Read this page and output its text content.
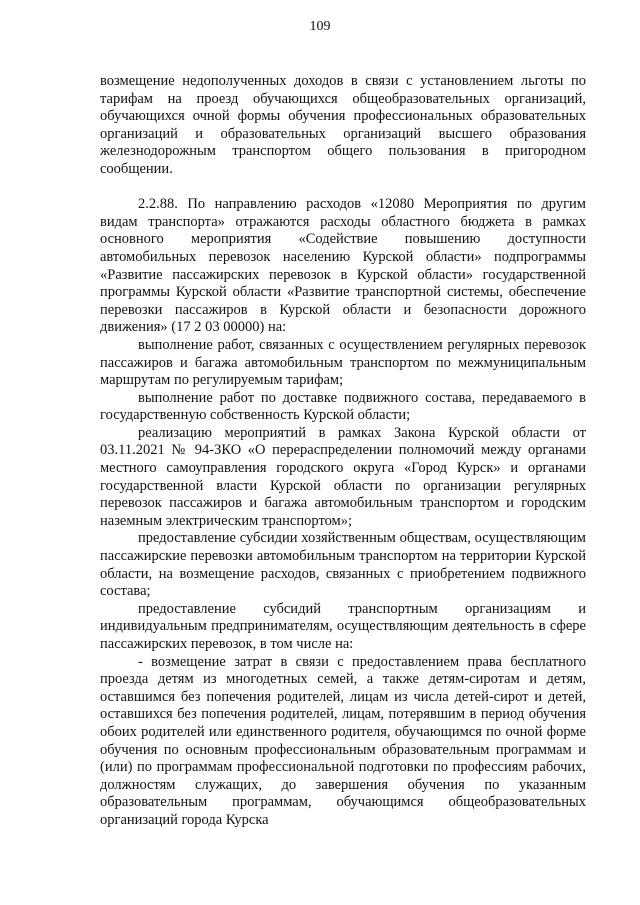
109

возмещение недополученных доходов в связи с установлением льготы по тарифам на проезд обучающихся общеобразовательных организаций, обучающихся очной формы обучения профессиональных образовательных организаций и образовательных организаций высшего образования железнодорожным транспортом общего пользования в пригородном сообщении.

2.2.88. По направлению расходов «12080 Мероприятия по другим видам транспорта» отражаются расходы областного бюджета в рамках основного мероприятия «Содействие повышению доступности автомобильных перевозок населению Курской области» подпрограммы «Развитие пассажирских перевозок в Курской области» государственной программы Курской области «Развитие транспортной системы, обеспечение перевозки пассажиров в Курской области и безопасности дорожного движения» (17 2 03 00000) на:

выполнение работ, связанных с осуществлением регулярных перевозок пассажиров и багажа автомобильным транспортом по межмуниципальным маршрутам по регулируемым тарифам;

выполнение работ по доставке подвижного состава, передаваемого в государственную собственность Курской области;

реализацию мероприятий в рамках Закона Курской области от 03.11.2021 № 94-ЗКО «О перераспределении полномочий между органами местного самоуправления городского округа «Город Курск» и органами государственной власти Курской области по организации регулярных перевозок пассажиров и багажа автомобильным транспортом и городским наземным электрическим транспортом»;

предоставление субсидии хозяйственным обществам, осуществляющим пассажирские перевозки автомобильным транспортом на территории Курской области, на возмещение расходов, связанных с приобретением подвижного состава;

предоставление субсидий транспортным организациям и индивидуальным предпринимателям, осуществляющим деятельность в сфере пассажирских перевозок, в том числе на:

- возмещение затрат в связи с предоставлением права бесплатного проезда детям из многодетных семей, а также детям-сиротам и детям, оставшимся без попечения родителей, лицам из числа детей-сирот и детей, оставшихся без попечения родителей, лицам, потерявшим в период обучения обоих родителей или единственного родителя, обучающимся по очной форме обучения по основным профессиональным образовательным программам и (или) по программам профессиональной подготовки по профессиям рабочих, должностям служащих, до завершения обучения по указанным образовательным программам, обучающимся общеобразовательных организаций города Курска
